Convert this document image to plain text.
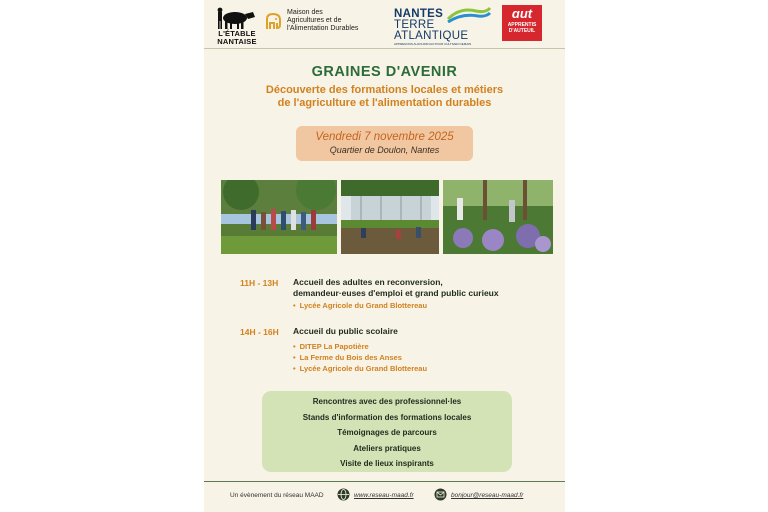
L'ÉTABLE NANTAISE
Maison des
Agricultures et de
l'Alimentation Durables
NANTES
TERRE ATLANTIQUE
APPRENONS AUJOURD'HUI POUR CULTIVER DEMAIN
ɑut
APPRENTIS
D'AUTEUIL
GRAINES D'AVENIR
Découverte des formations locales et métiers
de l'agriculture et l'alimentation durables
Vendredi 7 novembre 2025
Quartier de Doulon, Nantes
11H - 13H Accueil des adultes en reconversion,
demandeur·euses d'emploi et grand public curieux
• Lycée Agricole du Grand Blottereau
14H - 16H Accueil du public scolaire
• DITEP La Papotière
• La Ferme du Bois des Anses
• Lycée Agricole du Grand Blottereau
Rencontres avec des professionnel·les
Stands d'information des formations locales
Témoignages de parcours
Ateliers pratiques
Visite de lieux inspirants
Un évènement du réseau MAAD	www.reseau-maad.fr	bonjour@reseau-maad.fr
